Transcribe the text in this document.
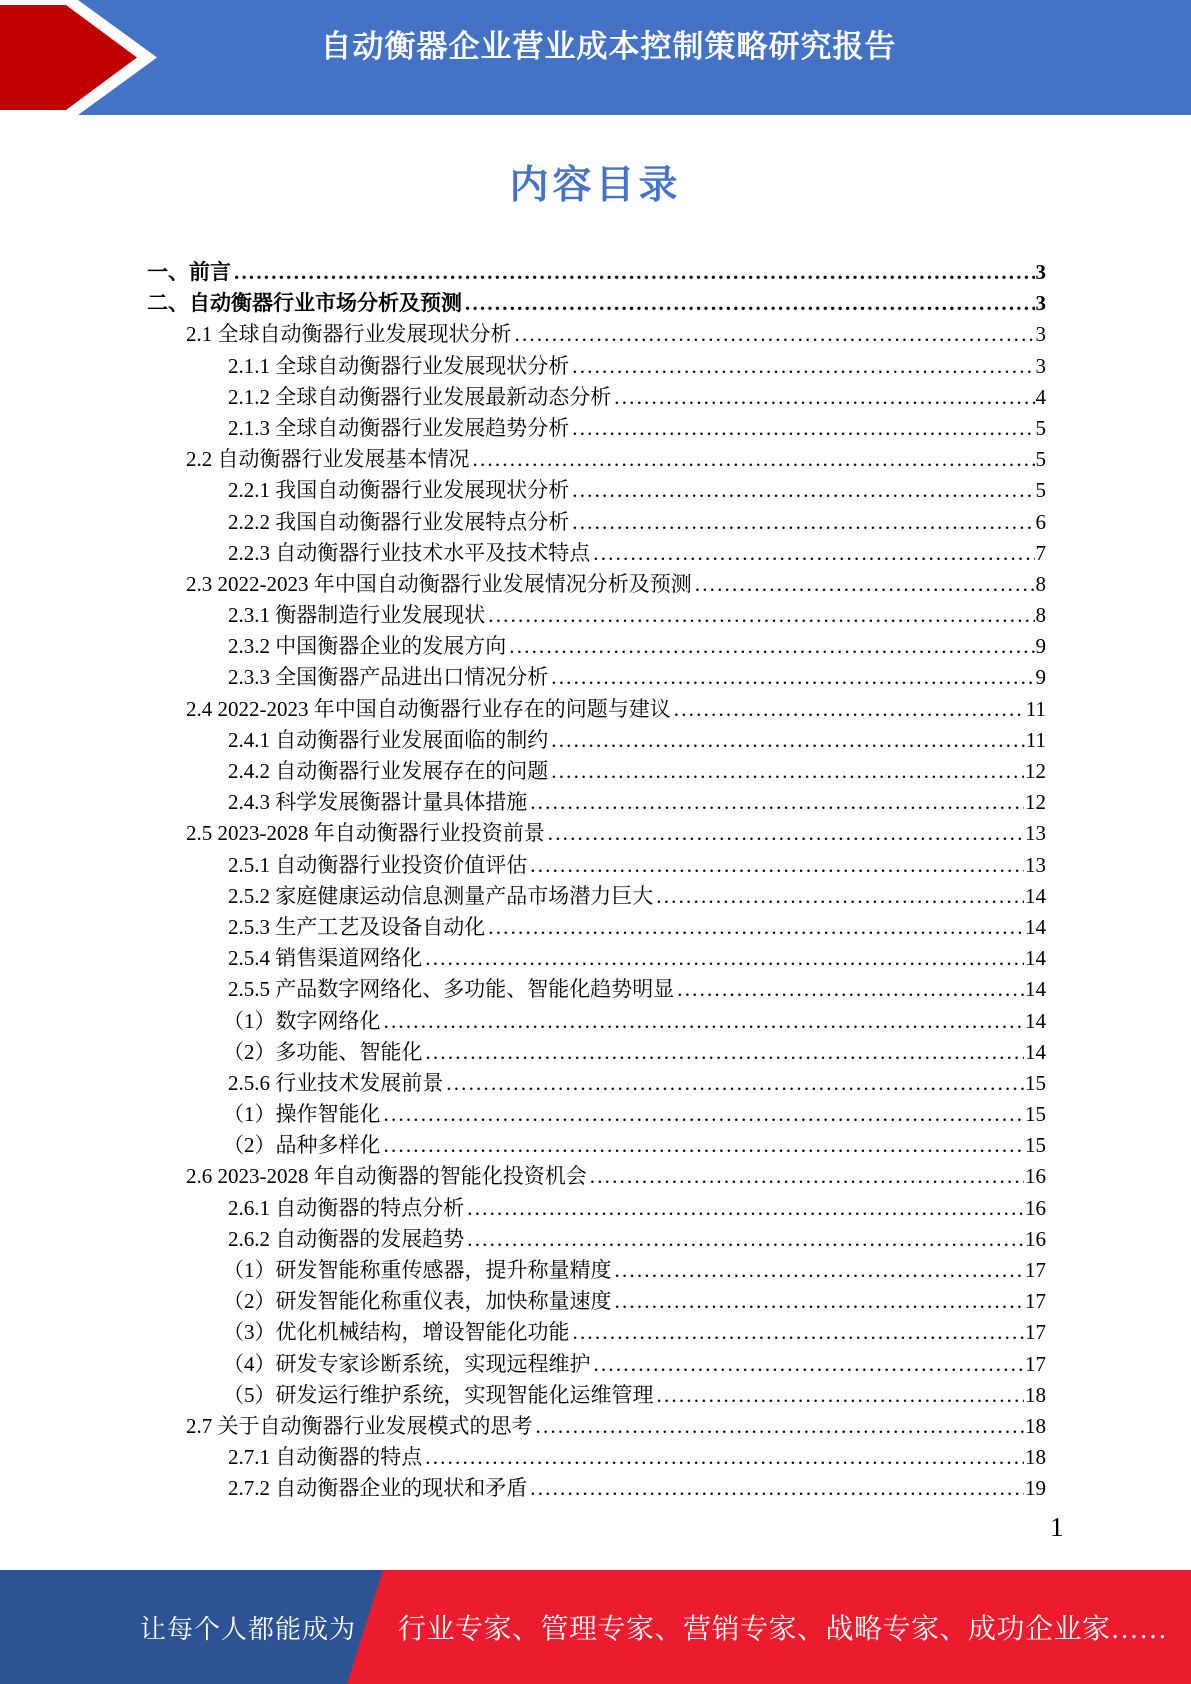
自动衡器企业营业成本控制策略研究报告
内容目录
一、前言 .....	3
二、自动衡器行业市场分析及预测 .....	3
2.1 全球自动衡器行业发展现状分析 .....	3
2.1.1 全球自动衡器行业发展现状分析 .....	3
2.1.2 全球自动衡器行业发展最新动态分析 .....	4
2.1.3 全球自动衡器行业发展趋势分析 .....	5
2.2 自动衡器行业发展基本情况 .....	5
2.2.1 我国自动衡器行业发展现状分析 .....	5
2.2.2 我国自动衡器行业发展特点分析 .....	6
2.2.3 自动衡器行业技术水平及技术特点 .....	7
2.3 2022-2023 年中国自动衡器行业发展情况分析及预测 .....	8
2.3.1 衡器制造行业发展现状 .....	8
2.3.2 中国衡器企业的发展方向 .....	9
2.3.3 全国衡器产品进出口情况分析 .....	9
2.4 2022-2023 年中国自动衡器行业存在的问题与建议 .....	11
2.4.1 自动衡器行业发展面临的制约 .....	11
2.4.2 自动衡器行业发展存在的问题 .....	12
2.4.3 科学发展衡器计量具体措施 .....	12
2.5 2023-2028 年自动衡器行业投资前景 .....	13
2.5.1 自动衡器行业投资价值评估 .....	13
2.5.2 家庭健康运动信息测量产品市场潜力巨大 .....	14
2.5.3 生产工艺及设备自动化 .....	14
2.5.4 销售渠道网络化 .....	14
2.5.5 产品数字网络化、多功能、智能化趋势明显 .....	14
（1）数字网络化 .....	14
（2）多功能、智能化 .....	14
2.5.6 行业技术发展前景 .....	15
（1）操作智能化 .....	15
（2）品种多样化 .....	15
2.6 2023-2028 年自动衡器的智能化投资机会 .....	16
2.6.1 自动衡器的特点分析 .....	16
2.6.2 自动衡器的发展趋势 .....	16
（1）研发智能称重传感器，提升称量精度 .....	17
（2）研发智能化称重仪表，加快称量速度 .....	17
（3）优化机械结构，增设智能化功能 .....	17
（4）研发专家诊断系统，实现远程维护 .....	17
（5）研发运行维护系统，实现智能化运维管理 .....	18
2.7 关于自动衡器行业发展模式的思考 .....	18
2.7.1 自动衡器的特点 .....	18
2.7.2 自动衡器企业的现状和矛盾 .....	19
1
让每个人都能成为 行业专家、管理专家、营销专家、战略专家、成功企业家……
